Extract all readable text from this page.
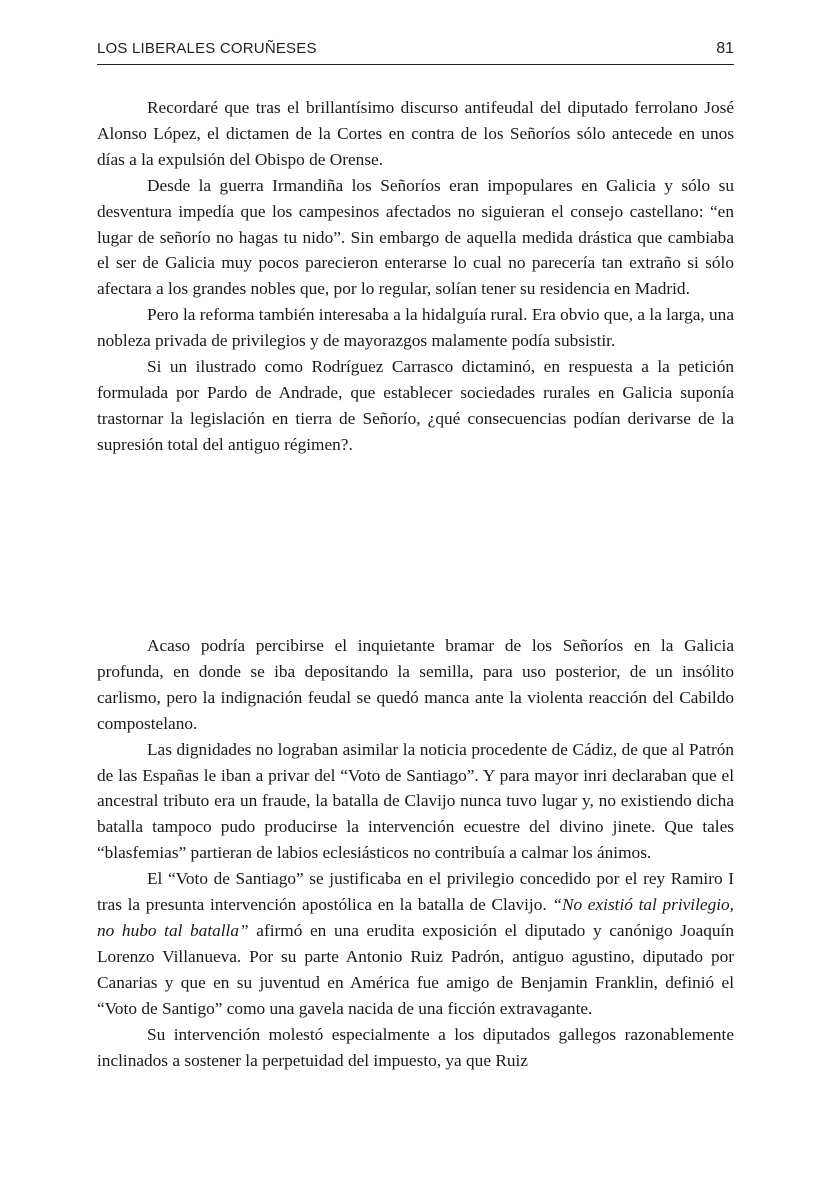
LOS LIBERALES CORUÑESES	81

Recordaré que tras el brillantísimo discurso antifeudal del diputado ferrolano José Alonso López, el dictamen de la Cortes en contra de los Señoríos sólo antecede en unos días a la expulsión del Obispo de Orense.

Desde la guerra Irmandiña los Señoríos eran impopulares en Galicia y sólo su desventura impedía que los campesinos afectados no siguieran el consejo castellano: “en lugar de señorío no hagas tu nido”. Sin embargo de aquella medida drástica que cambiaba el ser de Galicia muy pocos parecieron enterarse lo cual no parecería tan extraño si sólo afectara a los grandes nobles que, por lo regular, solían tener su residencia en Madrid.

Pero la reforma también interesaba a la hidalguía rural. Era obvio que, a la larga, una nobleza privada de privilegios y de mayorazgos malamente podía subsistir.

Si un ilustrado como Rodríguez Carrasco dictaminó, en respuesta a la petición formulada por Pardo de Andrade, que establecer sociedades rurales en Galicia suponía trastornar la legislación en tierra de Señorío, ¿qué consecuencias podían derivarse de la supresión total del antiguo régimen?.

Acaso podría percibirse el inquietante bramar de los Señoríos en la Galicia profunda, en donde se iba depositando la semilla, para uso posterior, de un insólito carlismo, pero la indignación feudal se quedó manca ante la violenta reacción del Cabildo compostelano.

Las dignidades no lograban asimilar la noticia procedente de Cádiz, de que al Patrón de las Españas le iban a privar del “Voto de Santiago”. Y para mayor inri declaraban que el ancestral tributo era un fraude, la batalla de Clavijo nunca tuvo lugar y, no existiendo dicha batalla tampoco pudo producirse la intervención ecuestre del divino jinete. Que tales “blasfemias” partieran de labios eclesiásticos no contribuía a calmar los ánimos.

El “Voto de Santiago” se justificaba en el privilegio concedido por el rey Ramiro I tras la presunta intervención apostólica en la batalla de Clavijo. “No existió tal privilegio, no hubo tal batalla” afirmó en una erudita exposición el diputado y canónigo Joaquín Lorenzo Villanueva. Por su parte Antonio Ruiz Padrón, antiguo agustino, diputado por Canarias y que en su juventud en América fue amigo de Benjamin Franklin, definió el “Voto de Santigo” como una gavela nacida de una ficción extravagante.

Su intervención molestó especialmente a los diputados gallegos razonablemente inclinados a sostener la perpetuidad del impuesto, ya que Ruiz
